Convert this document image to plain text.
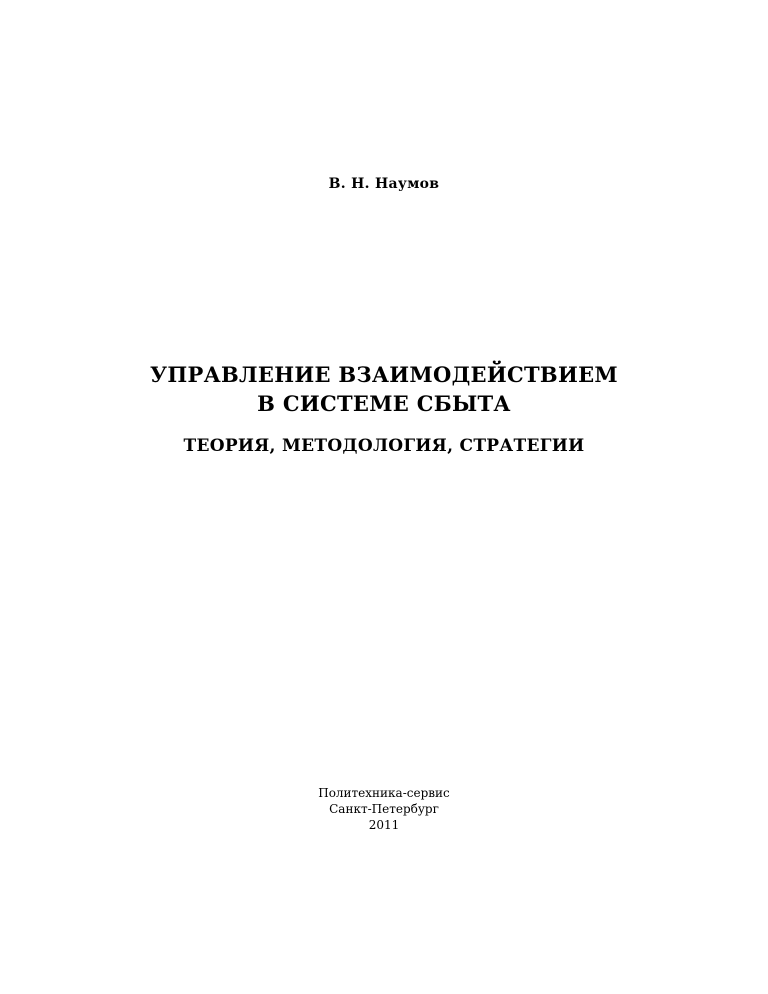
В. Н. Наумов
УПРАВЛЕНИЕ ВЗАИМОДЕЙСТВИЕМ
В СИСТЕМЕ СБЫТА
ТЕОРИЯ, МЕТОДОЛОГИЯ, СТРАТЕГИИ
Политехника-сервис
Санкт-Петербург
2011
